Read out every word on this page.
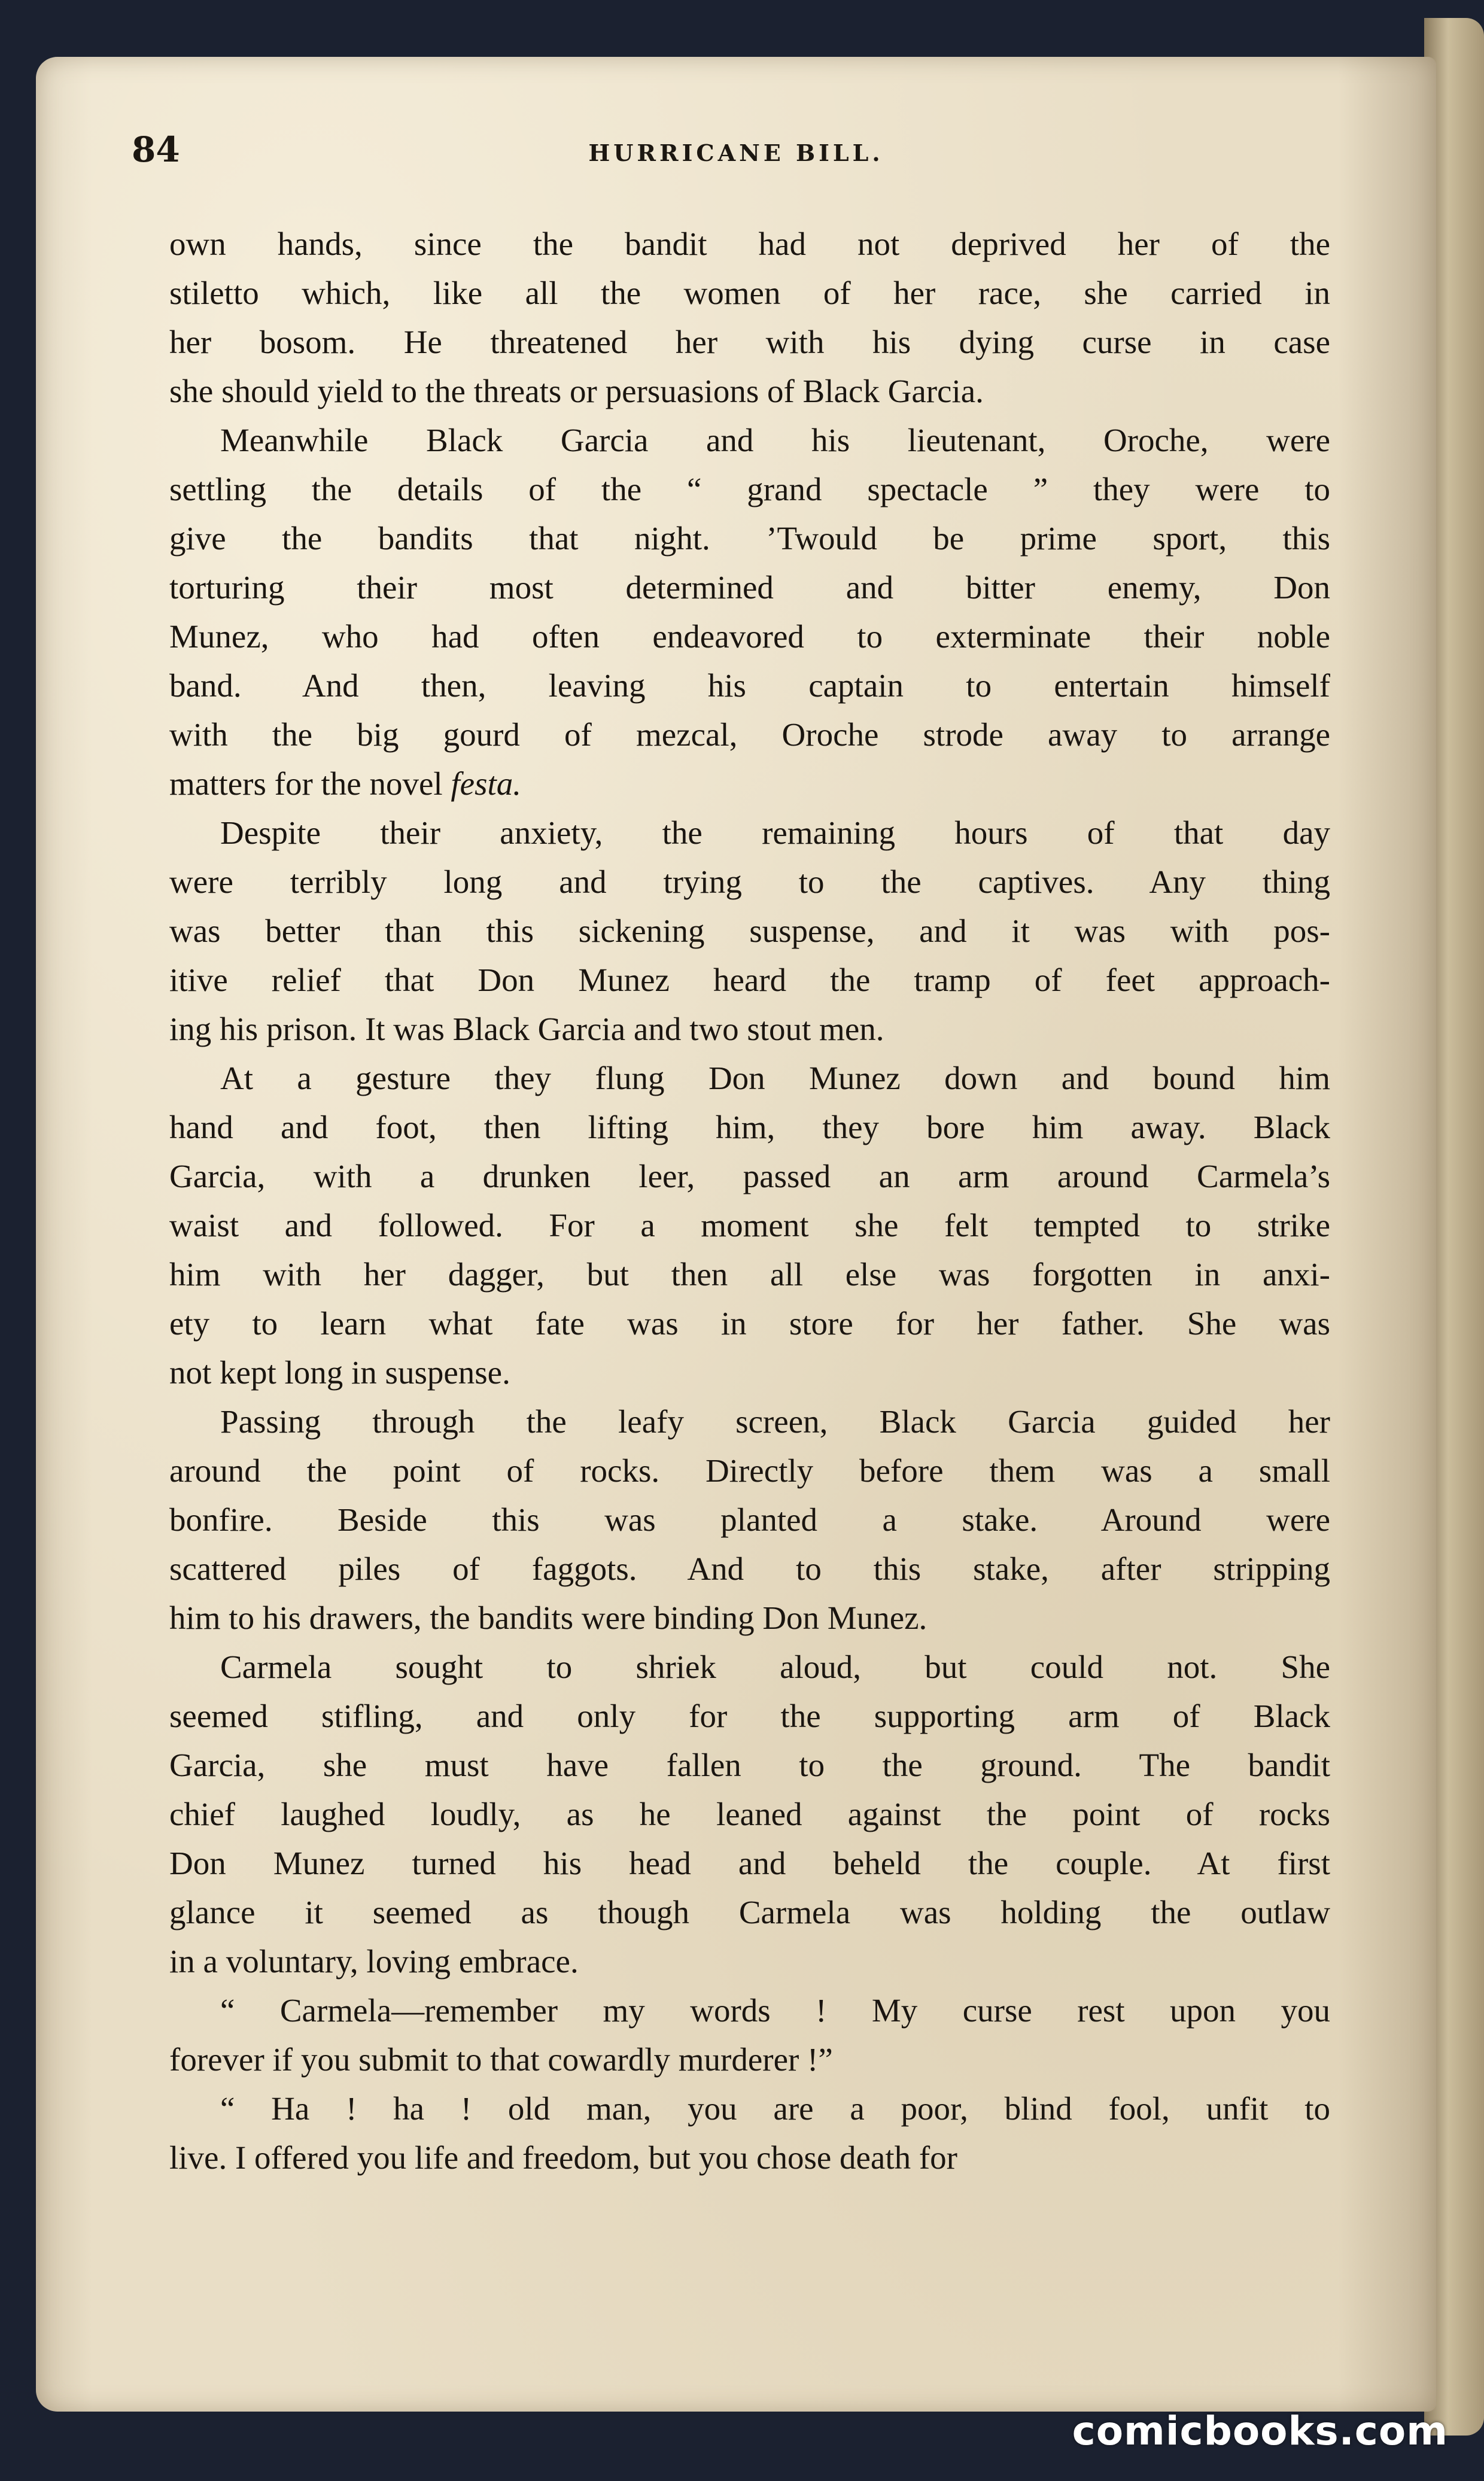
84	HURRICANE BILL.
own hands, since the bandit had not deprived her of the
stiletto which, like all the women of her race, she carried in
her bosom. He threatened her with his dying curse in case
she should yield to the threats or persuasions of Black Garcia.
Meanwhile Black Garcia and his lieutenant, Oroche, were
settling the details of the “ grand spectacle ” they were to
give the bandits that night. ’Twould be prime sport, this
torturing their most determined and bitter enemy, Don
Munez, who had often endeavored to exterminate their noble
band. And then, leaving his captain to entertain himself
with the big gourd of mezcal, Oroche strode away to arrange
matters for the novel festa.
Despite their anxiety, the remaining hours of that day
were terribly long and trying to the captives. Any thing
was better than this sickening suspense, and it was with pos-
itive relief that Don Munez heard the tramp of feet approach-
ing his prison. It was Black Garcia and two stout men.
At a gesture they flung Don Munez down and bound him
hand and foot, then lifting him, they bore him away. Black
Garcia, with a drunken leer, passed an arm around Carmela’s
waist and followed. For a moment she felt tempted to strike
him with her dagger, but then all else was forgotten in anxi-
ety to learn what fate was in store for her father. She was
not kept long in suspense.
Passing through the leafy screen, Black Garcia guided her
around the point of rocks. Directly before them was a small
bonfire. Beside this was planted a stake. Around were
scattered piles of faggots. And to this stake, after stripping
him to his drawers, the bandits were binding Don Munez.
Carmela sought to shriek aloud, but could not. She
seemed stifling, and only for the supporting arm of Black
Garcia, she must have fallen to the ground. The bandit
chief laughed loudly, as he leaned against the point of rocks
Don Munez turned his head and beheld the couple. At first
glance it seemed as though Carmela was holding the outlaw
in a voluntary, loving embrace.
“ Carmela—remember my words ! My curse rest upon you
forever if you submit to that cowardly murderer !”
“ Ha ! ha ! old man, you are a poor, blind fool, unfit to
live. I offered you life and freedom, but you chose death for
comicbooks.com
